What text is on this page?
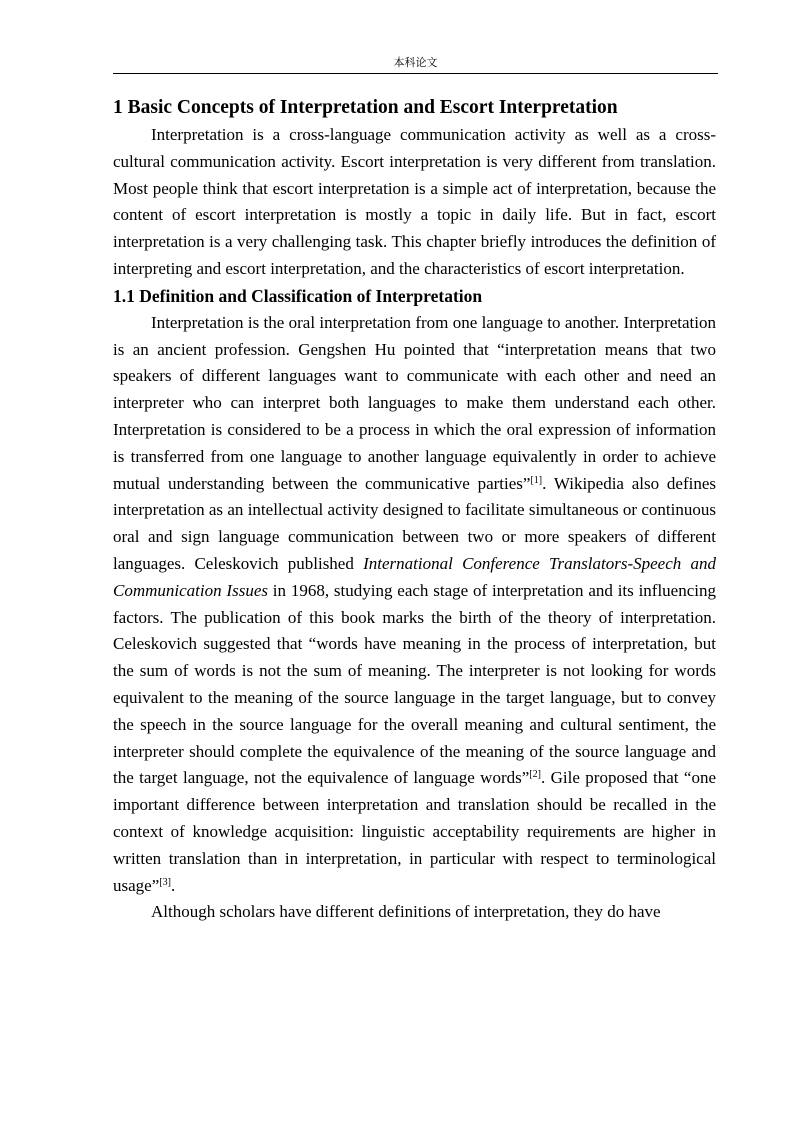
本科论文
1 Basic Concepts of Interpretation and Escort Interpretation

Interpretation is a cross-language communication activity as well as a cross-cultural communication activity. Escort interpretation is very different from translation. Most people think that escort interpretation is a simple act of interpretation, because the content of escort interpretation is mostly a topic in daily life. But in fact, escort interpretation is a very challenging task. This chapter briefly introduces the definition of interpreting and escort interpretation, and the characteristics of escort interpretation.

1.1 Definition and Classification of Interpretation

Interpretation is the oral interpretation from one language to another. Interpretation is an ancient profession. Gengshen Hu pointed that “interpretation means that two speakers of different languages want to communicate with each other and need an interpreter who can interpret both languages to make them understand each other. Interpretation is considered to be a process in which the oral expression of information is transferred from one language to another language equivalently in order to achieve mutual understanding between the communicative parties”[1]. Wikipedia also defines interpretation as an intellectual activity designed to facilitate simultaneous or continuous oral and sign language communication between two or more speakers of different languages. Celeskovich published International Conference Translators-Speech and Communication Issues in 1968, studying each stage of interpretation and its influencing factors. The publication of this book marks the birth of the theory of interpretation. Celeskovich suggested that “words have meaning in the process of interpretation, but the sum of words is not the sum of meaning. The interpreter is not looking for words equivalent to the meaning of the source language in the target language, but to convey the speech in the source language for the overall meaning and cultural sentiment, the interpreter should complete the equivalence of the meaning of the source language and the target language, not the equivalence of language words”[2]. Gile proposed that “one important difference between interpretation and translation should be recalled in the context of knowledge acquisition: linguistic acceptability requirements are higher in written translation than in interpretation, in particular with respect to terminological usage”[3].

Although scholars have different definitions of interpretation, they do have
